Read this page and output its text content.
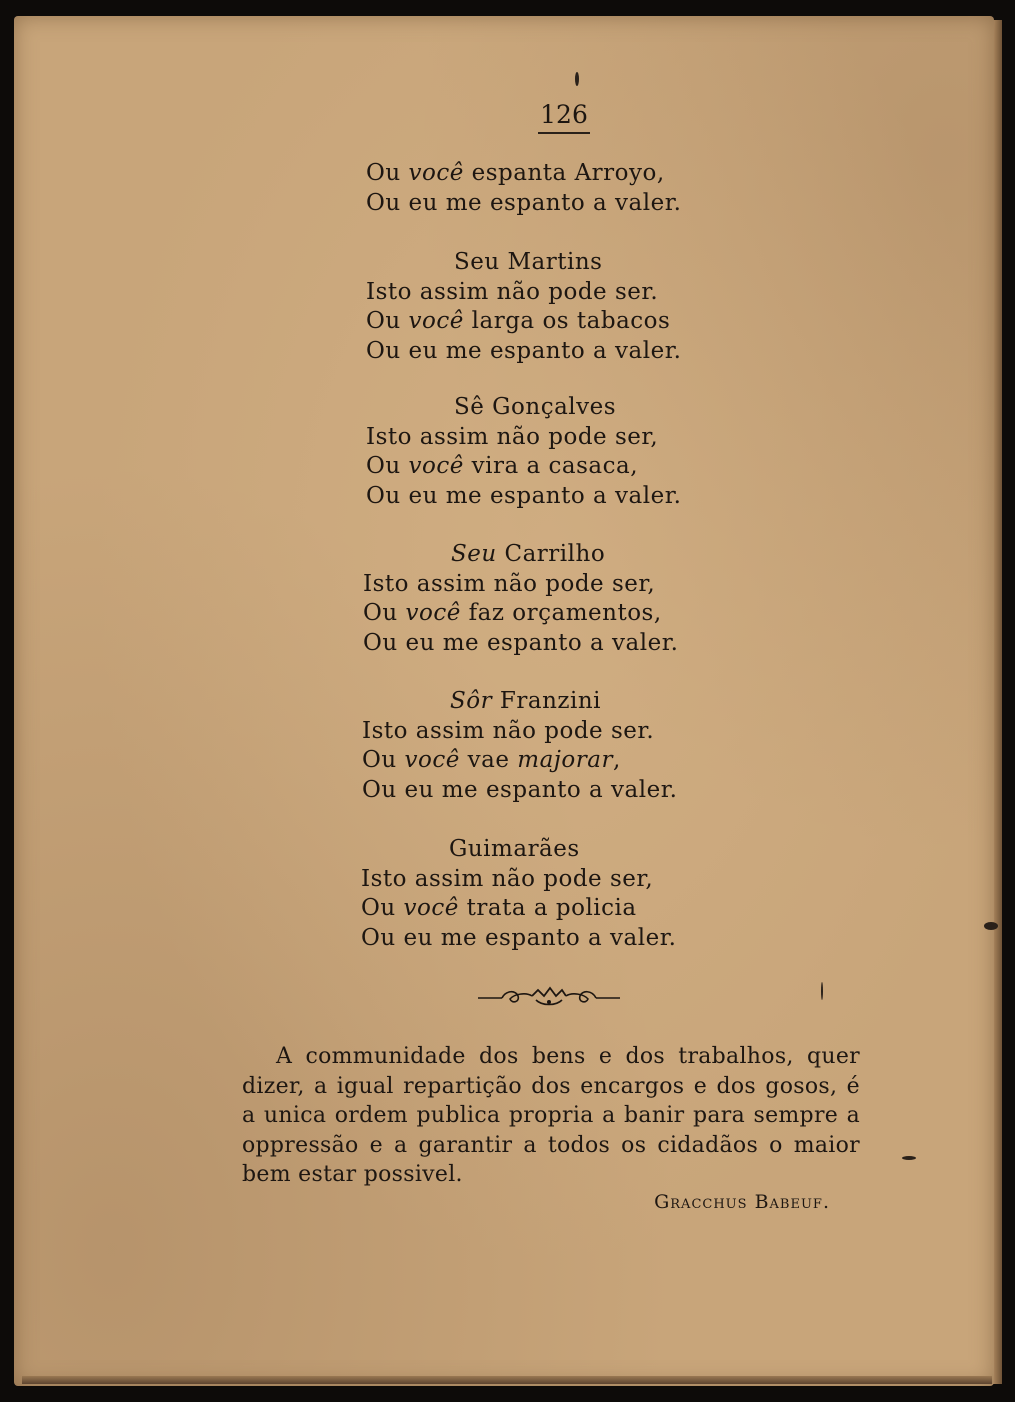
126
Ou você espanta Arroyo,
Ou eu me espanto a valer.
Seu Martins
Isto assim não pode ser.
Ou você larga os tabacos
Ou eu me espanto a valer.
Sê Gonçalves
Isto assim não pode ser,
Ou você vira a casaca,
Ou eu me espanto a valer.
Seu Carrilho
Isto assim não pode ser,
Ou você faz orçamentos,
Ou eu me espanto a valer.
Sôr Franzini
Isto assim não pode ser.
Ou você vae majorar,
Ou eu me espanto a valer.
Guimarães
Isto assim não pode ser,
Ou você trata a policia
Ou eu me espanto a valer.
A communidade dos bens e dos trabalhos, quer dizer, a igual repartição dos encargos e dos gosos, é a unica ordem publica propria a banir para sempre a oppressão e a garantir a todos os cidadãos o maior bem estar possivel.
Gracchus Babeuf.
